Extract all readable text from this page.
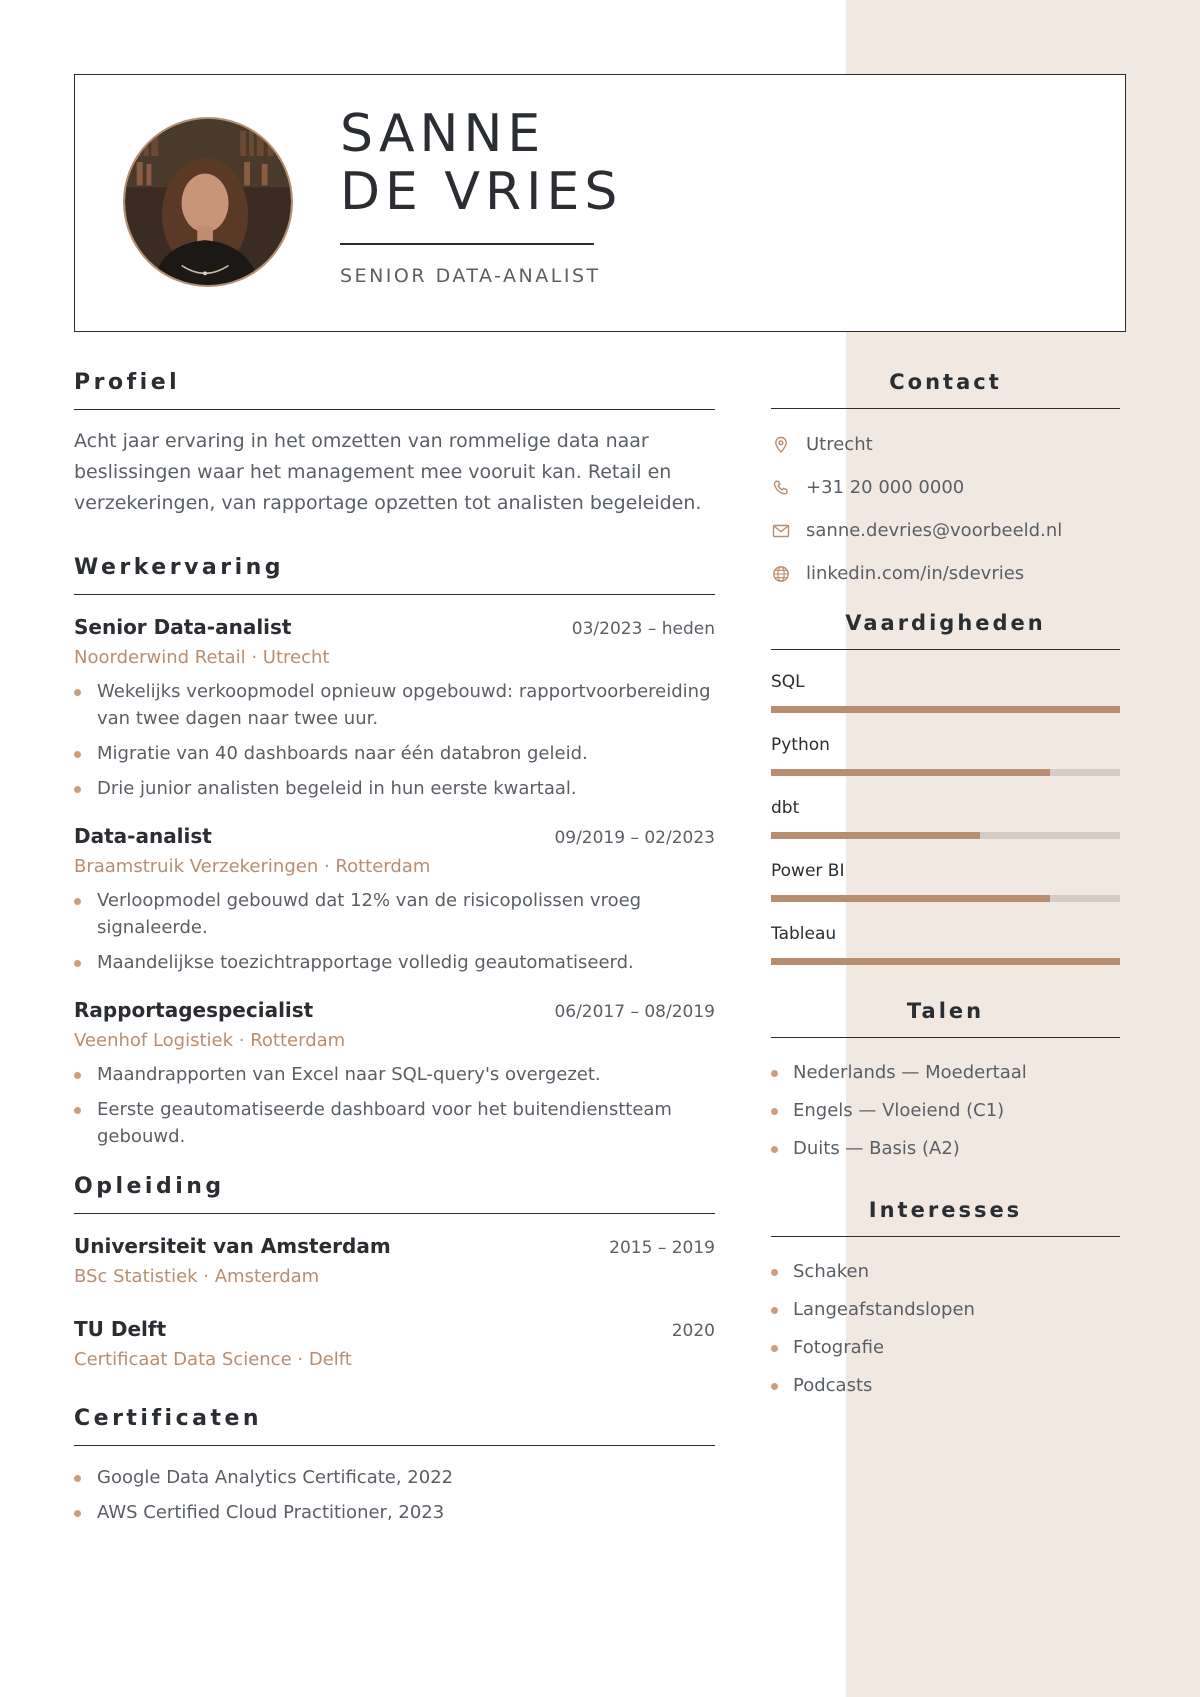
SANNE
DE VRIES
SENIOR DATA-ANALIST
Profiel
Acht jaar ervaring in het omzetten van rommelige data naar beslissingen waar het management mee vooruit kan. Retail en verzekeringen, van rapportage opzetten tot analisten begeleiden.
Werkervaring
Senior Data-analist	03/2023 – heden
Noorderwind Retail · Utrecht
Wekelijks verkoopmodel opnieuw opgebouwd: rapportvoorbereiding van twee dagen naar twee uur.
Migratie van 40 dashboards naar één databron geleid.
Drie junior analisten begeleid in hun eerste kwartaal.
Data-analist	09/2019 – 02/2023
Braamstruik Verzekeringen · Rotterdam
Verloopmodel gebouwd dat 12% van de risicopolissen vroeg signaleerde.
Maandelijkse toezichtrapportage volledig geautomatiseerd.
Rapportagespecialist	06/2017 – 08/2019
Veenhof Logistiek · Rotterdam
Maandrapporten van Excel naar SQL-query's overgezet.
Eerste geautomatiseerde dashboard voor het buitendienstteam gebouwd.
Opleiding
Universiteit van Amsterdam	2015 – 2019
BSc Statistiek · Amsterdam
TU Delft	2020
Certificaat Data Science · Delft
Certificaten
Google Data Analytics Certificate, 2022
AWS Certified Cloud Practitioner, 2023
Contact
Utrecht
+31 20 000 0000
sanne.devries@voorbeeld.nl
linkedin.com/in/sdevries
Vaardigheden
SQL
Python
dbt
Power BI
Tableau
Talen
Nederlands — Moedertaal
Engels — Vloeiend (C1)
Duits — Basis (A2)
Interesses
Schaken
Langeafstandslopen
Fotografie
Podcasts
